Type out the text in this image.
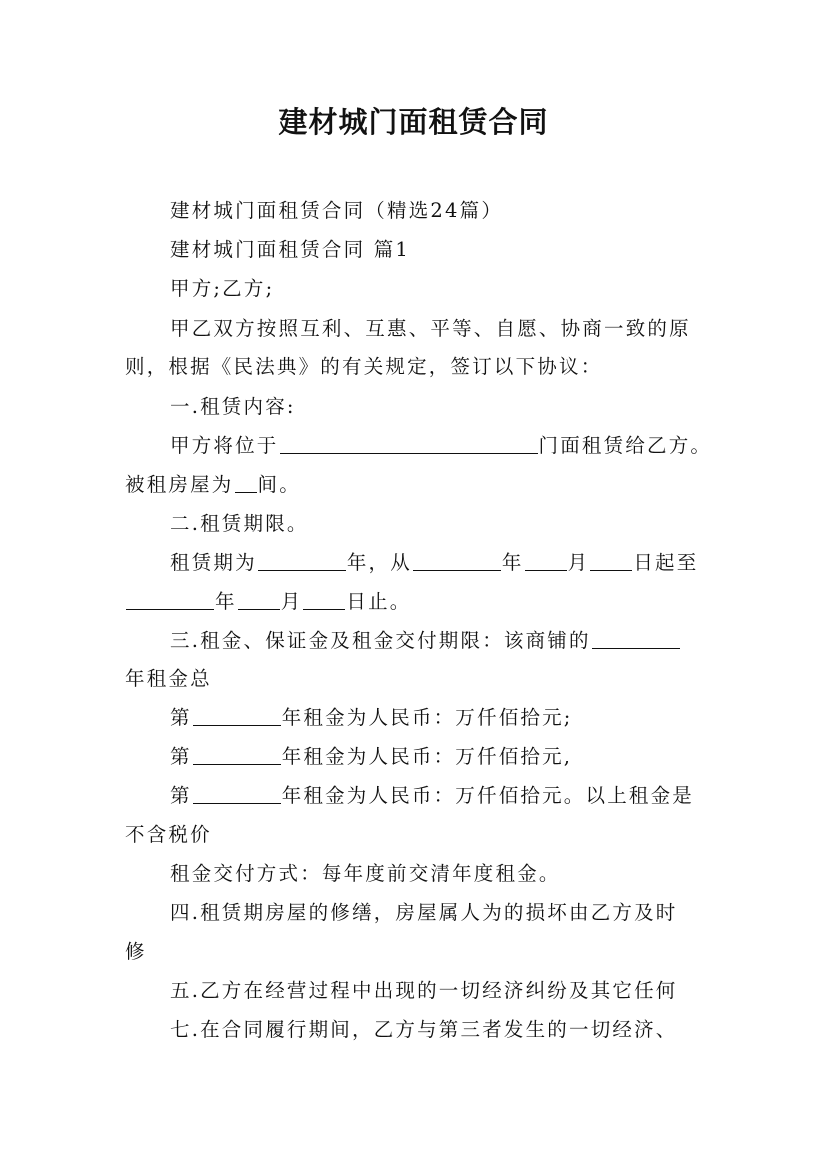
建材城门面租赁合同
建材城门面租赁合同（精选24篇）
建材城门面租赁合同 篇1
甲方;乙方;
甲乙双方按照互利、互惠、平等、自愿、协商一致的原
则，根据《民法典》的有关规定，签订以下协议：
一.租赁内容:
甲方将位于	门面租赁给乙方。
被租房屋为 间。
二.租赁期限。
租赁期为	年，从	年 月 日起至
年 月 日止。
三.租金、保证金及租金交付期限：该商铺的
年租金总
第	年租金为人民币：万仟佰拾元;
第	年租金为人民币：万仟佰拾元,
第	年租金为人民币：万仟佰拾元。以上租金是
不含税价
租金交付方式：每年度前交清年度租金。
四.租赁期房屋的修缮，房屋属人为的损坏由乙方及时
修
五.乙方在经营过程中出现的一切经济纠纷及其它任何
七.在合同履行期间，乙方与第三者发生的一切经济、
